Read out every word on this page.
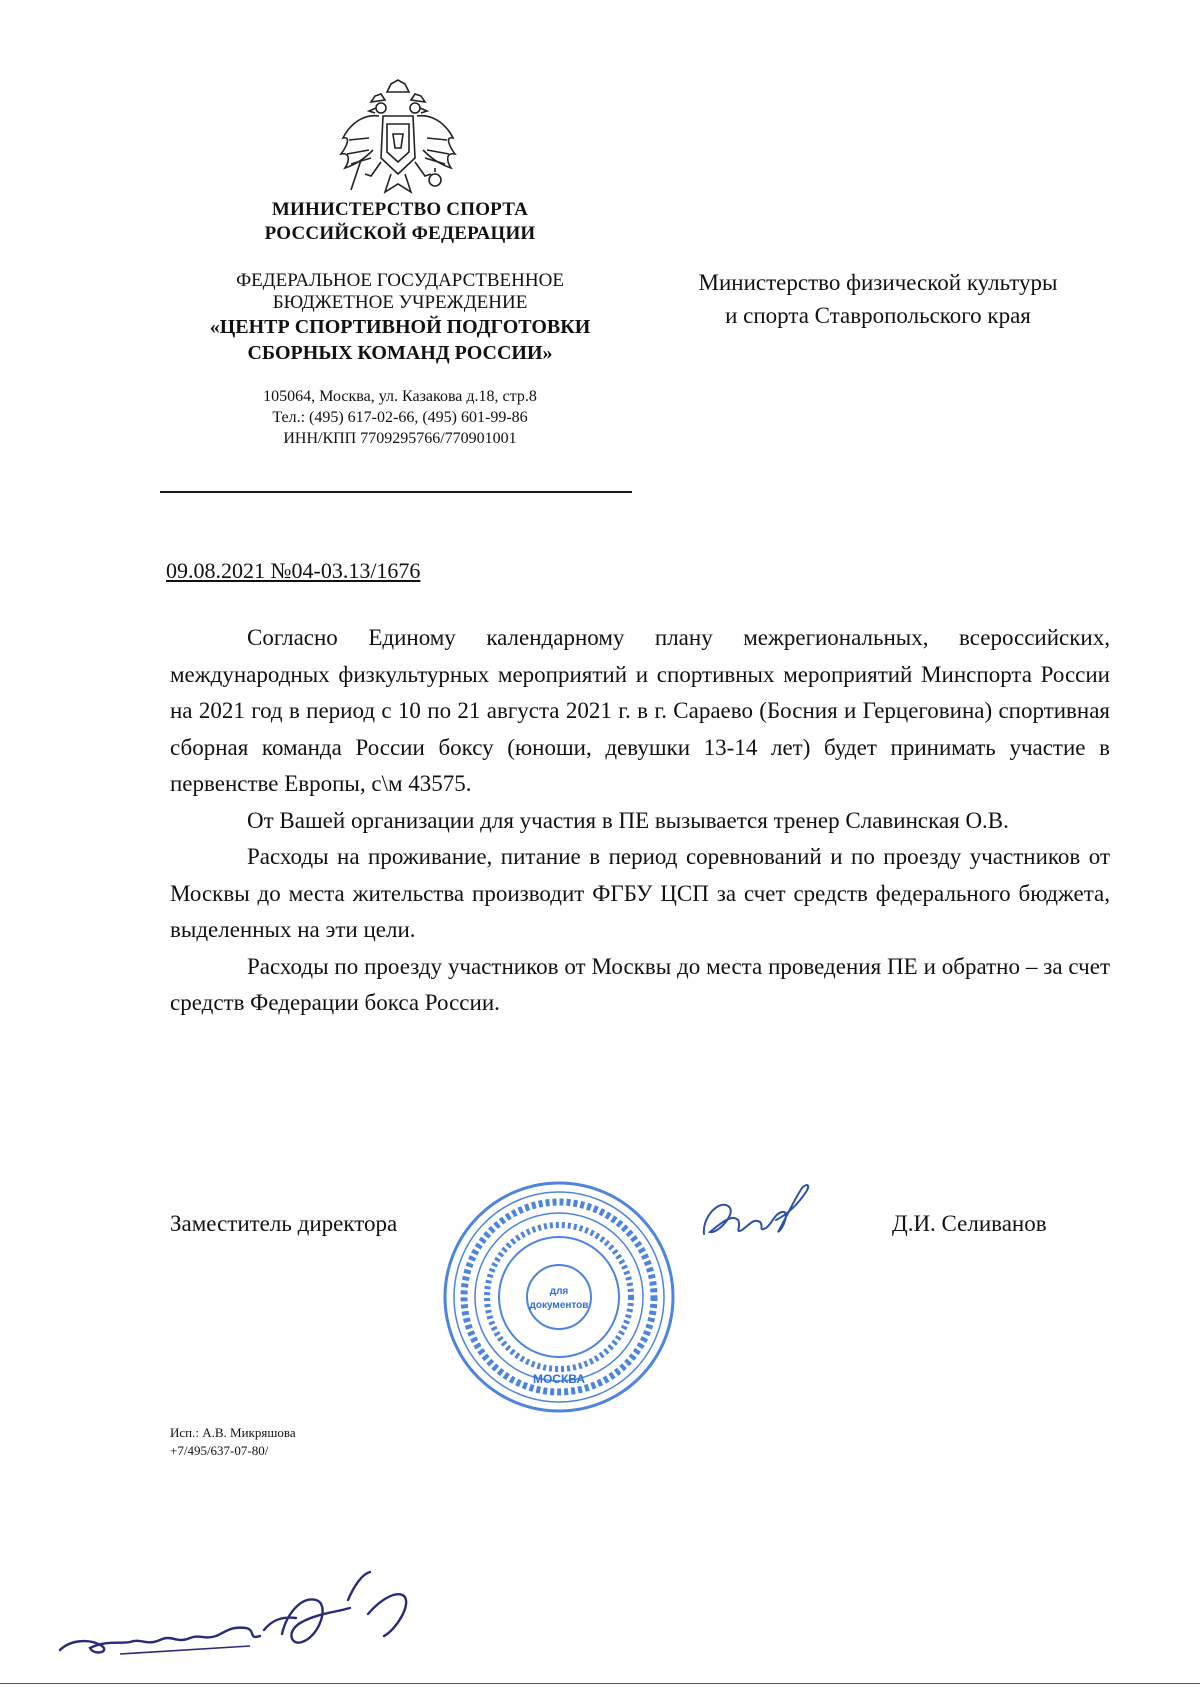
МИНИСТЕРСТВО СПОРТА
РОССИЙСКОЙ ФЕДЕРАЦИИ
ФЕДЕРАЛЬНОЕ ГОСУДАРСТВЕННОЕ
БЮДЖЕТНОЕ УЧРЕЖДЕНИЕ
«ЦЕНТР СПОРТИВНОЙ ПОДГОТОВКИ
СБОРНЫХ КОМАНД РОССИИ»
105064, Москва, ул. Казакова д.18, стр.8
Тел.: (495) 617-02-66, (495) 601-99-86
ИНН/КПП 7709295766/770901001
Министерство физической культуры
и спорта Ставропольского края
09.08.2021 №04-03.13/1676

Согласно Единому календарному плану межрегиональных, всероссийских, международных физкультурных мероприятий и спортивных мероприятий Минспорта России на 2021 год в период с 10 по 21 августа 2021 г. в г. Сараево (Босния и Герцеговина) спортивная сборная команда России боксу (юноши, девушки 13-14 лет) будет принимать участие в первенстве Европы, с\м 43575.

От Вашей организации для участия в ПЕ вызывается тренер Славинская О.В.

Расходы на проживание, питание в период соревнований и по проезду участников от Москвы до места жительства производит ФГБУ ЦСП за счет средств федерального бюджета, выделенных на эти цели.

Расходы по проезду участников от Москвы до места проведения ПЕ и обратно – за счет средств Федерации бокса России.

Заместитель директора	Д.И. Селиванов
для
документов
МОСКВА
Исп.: А.В. Микряшова
+7/495/637-07-80/
